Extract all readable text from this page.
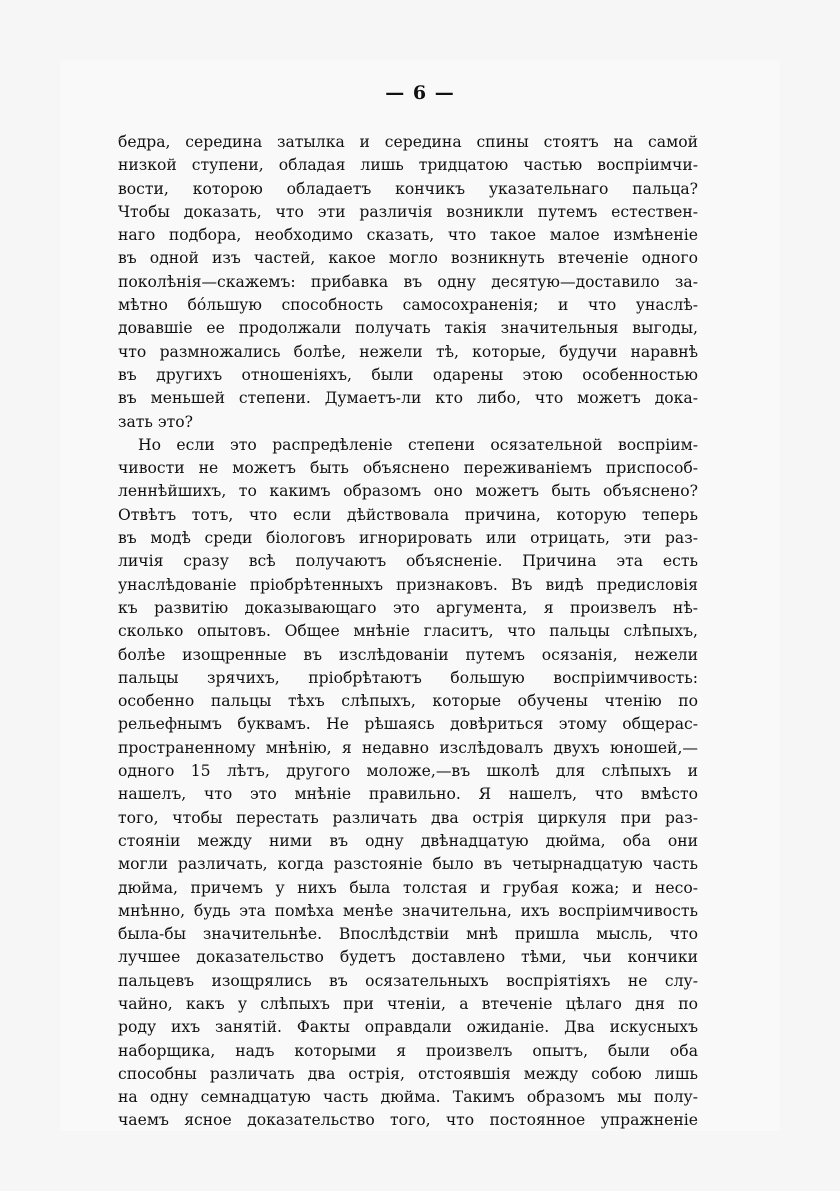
— 6 —
бедра, середина затылка и середина спины стоятъ на самой
низкой ступени, обладая лишь тридцатою частью воспріимчи-
вости, которою обладаетъ кончикъ указательнаго пальца?
Чтобы доказать, что эти различія возникли путемъ естествен-
наго подбора, необходимо сказать, что такое малое измѣненіе
въ одной изъ частей, какое могло возникнуть втеченіе одного
поколѣнія—скажемъ: прибавка въ одну десятую—доставило за-
мѣтно бо́льшую способность самосохраненія; и что унаслѣ-
довавшіе ее продолжали получать такія значительныя выгоды,
что размножались болѣе, нежели тѣ, которые, будучи наравнѣ
въ другихъ отношеніяхъ, были одарены этою особенностью
въ меньшей степени. Думаетъ-ли кто либо, что можетъ дока-
зать это?
Но если это распредѣленіе степени осязательной воспріим-
чивости не можетъ быть объяснено переживаніемъ приспособ-
леннѣйшихъ, то какимъ образомъ оно можетъ быть объяснено?
Отвѣтъ тотъ, что если дѣйствовала причина, которую теперь
въ модѣ среди біологовъ игнорировать или отрицать, эти раз-
личія сразу всѣ получаютъ объясненіе. Причина эта есть
унаслѣдованіе пріобрѣтенныхъ признаковъ. Въ видѣ предисловія
къ развитію доказывающаго это аргумента, я произвелъ нѣ-
сколько опытовъ. Общее мнѣніе гласитъ, что пальцы слѣпыхъ,
болѣе изощренные въ изслѣдованіи путемъ осязанія, нежели
пальцы зрячихъ, пріобрѣтаютъ большую воспріимчивость:
особенно пальцы тѣхъ слѣпыхъ, которые обучены чтенію по
рельефнымъ буквамъ. Не рѣшаясь довѣриться этому общерас-
пространенному мнѣнію, я недавно изслѣдовалъ двухъ юношей,—
одного 15 лѣтъ, другого моложе,—въ школѣ для слѣпыхъ и
нашелъ, что это мнѣніе правильно. Я нашелъ, что вмѣсто
того, чтобы перестать различать два острія циркуля при раз-
стояніи между ними въ одну двѣнадцатую дюйма, оба они
могли различать, когда разстояніе было въ четырнадцатую часть
дюйма, причемъ у нихъ была толстая и грубая кожа; и несо-
мнѣнно, будь эта помѣха менѣе значительна, ихъ воспріимчивость
была-бы значительнѣе. Впослѣдствіи мнѣ пришла мысль, что
лучшее доказательство будетъ доставлено тѣми, чьи кончики
пальцевъ изощрялись въ осязательныхъ воспріятіяхъ не слу-
чайно, какъ у слѣпыхъ при чтеніи, а втеченіе цѣлаго дня по
роду ихъ занятій. Факты оправдали ожиданіе. Два искусныхъ
наборщика, надъ которыми я произвелъ опытъ, были оба
способны различать два острія, отстоявшія между собою лишь
на одну семнадцатую часть дюйма. Такимъ образомъ мы полу-
чаемъ ясное доказательство того, что постоянное упражненіе
